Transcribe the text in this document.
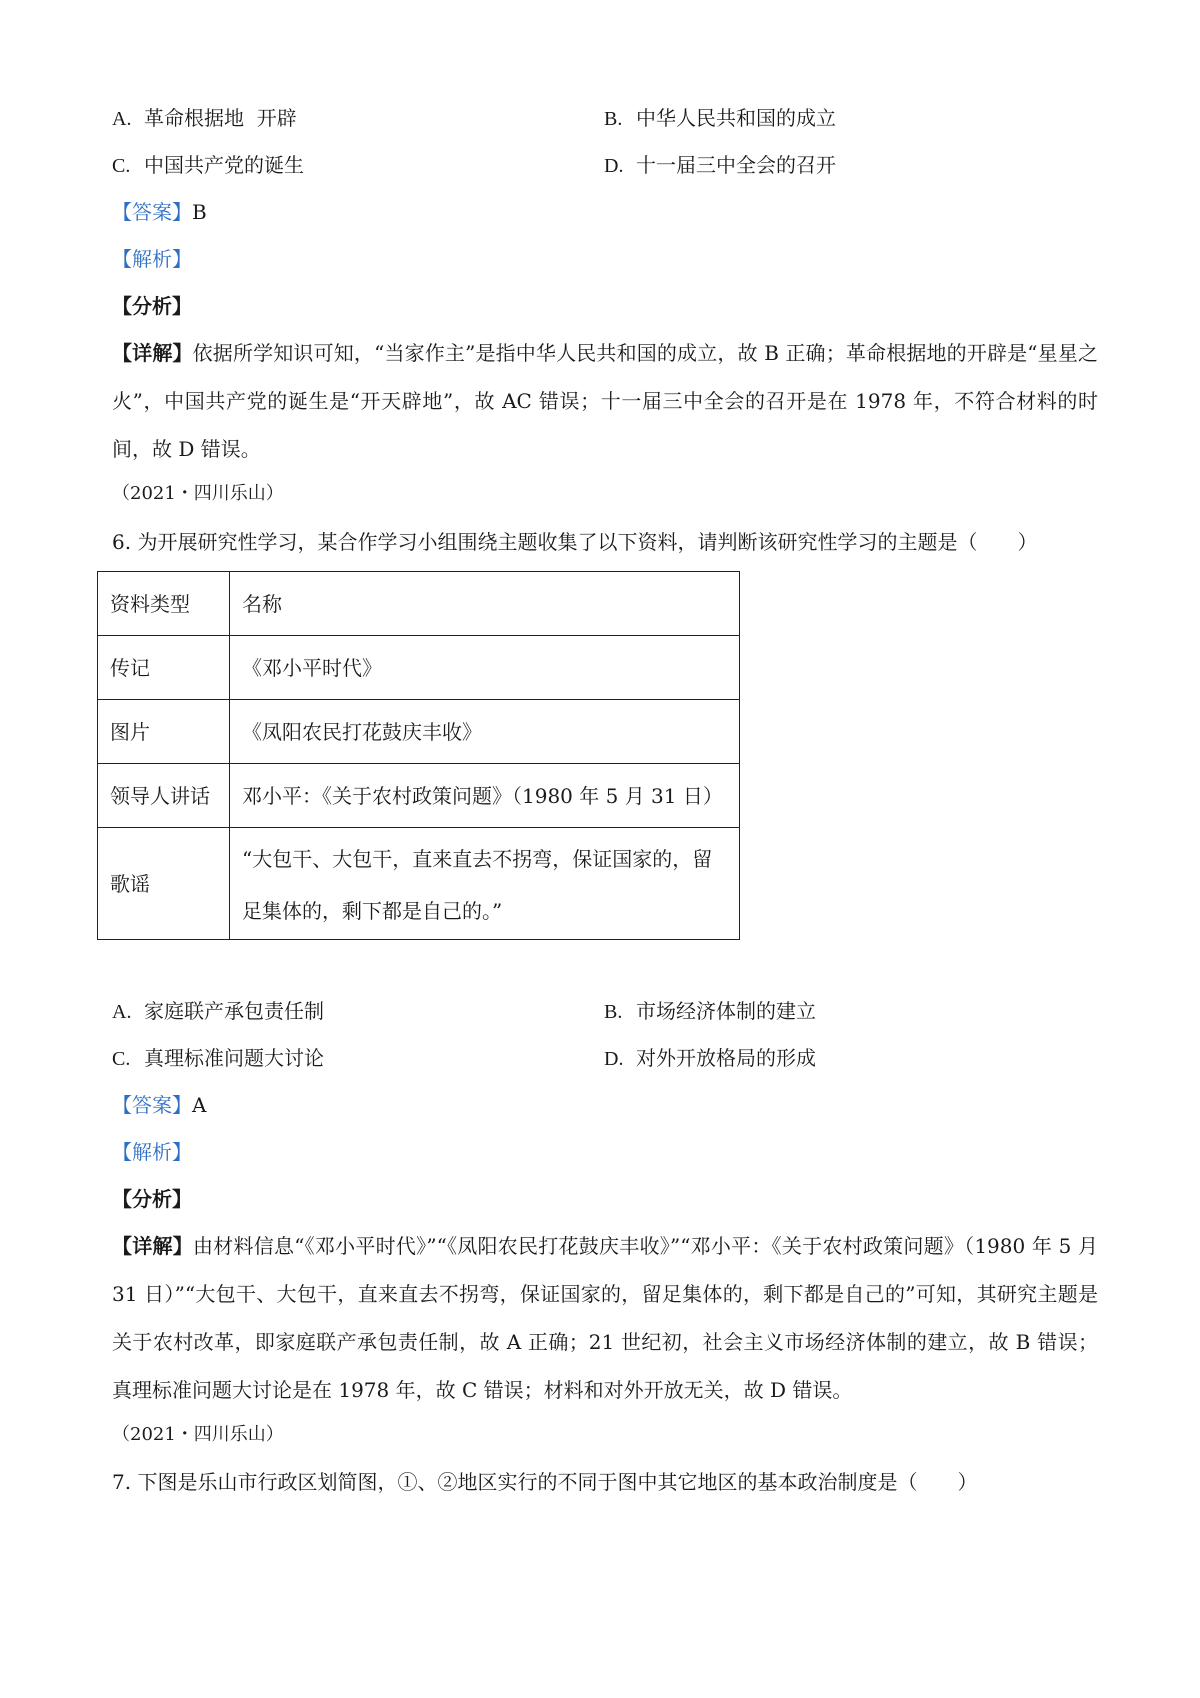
A. 革命根据地  开辟	B. 中华人民共和国的成立
C. 中国共产党的诞生	D. 十一届三中全会的召开
【答案】B
【解析】
【分析】
【详解】依据所学知识可知，“当家作主”是指中华人民共和国的成立，故 B 正确；革命根据地的开辟是“星星之火”，中国共产党的诞生是“开天辟地”，故 AC 错误；十一届三中全会的召开是在 1978 年，不符合材料的时间，故 D 错误。
（2021・四川乐山）
6. 为开展研究性学习，某合作学习小组围绕主题收集了以下资料，请判断该研究性学习的主题是（　　）
资料类型	名称
传记	《邓小平时代》
图片	《凤阳农民打花鼓庆丰收》
领导人讲话	邓小平：《关于农村政策问题》（1980 年 5 月 31 日）
歌谣	“大包干、大包干，直来直去不拐弯，保证国家的，留足集体的，剩下都是自己的。”
A. 家庭联产承包责任制	B. 市场经济体制的建立
C. 真理标准问题大讨论	D. 对外开放格局的形成
【答案】A
【解析】
【分析】
【详解】由材料信息“《邓小平时代》”“《凤阳农民打花鼓庆丰收》”“邓小平：《关于农村政策问题》（1980 年 5 月 31 日）”“大包干、大包干，直来直去不拐弯，保证国家的，留足集体的，剩下都是自己的”可知，其研究主题是关于农村改革，即家庭联产承包责任制，故 A 正确；21 世纪初，社会主义市场经济体制的建立，故 B 错误；真理标准问题大讨论是在 1978 年，故 C 错误；材料和对外开放无关，故 D 错误。
（2021・四川乐山）
7. 下图是乐山市行政区划简图，①、②地区实行的不同于图中其它地区的基本政治制度是（　　）
